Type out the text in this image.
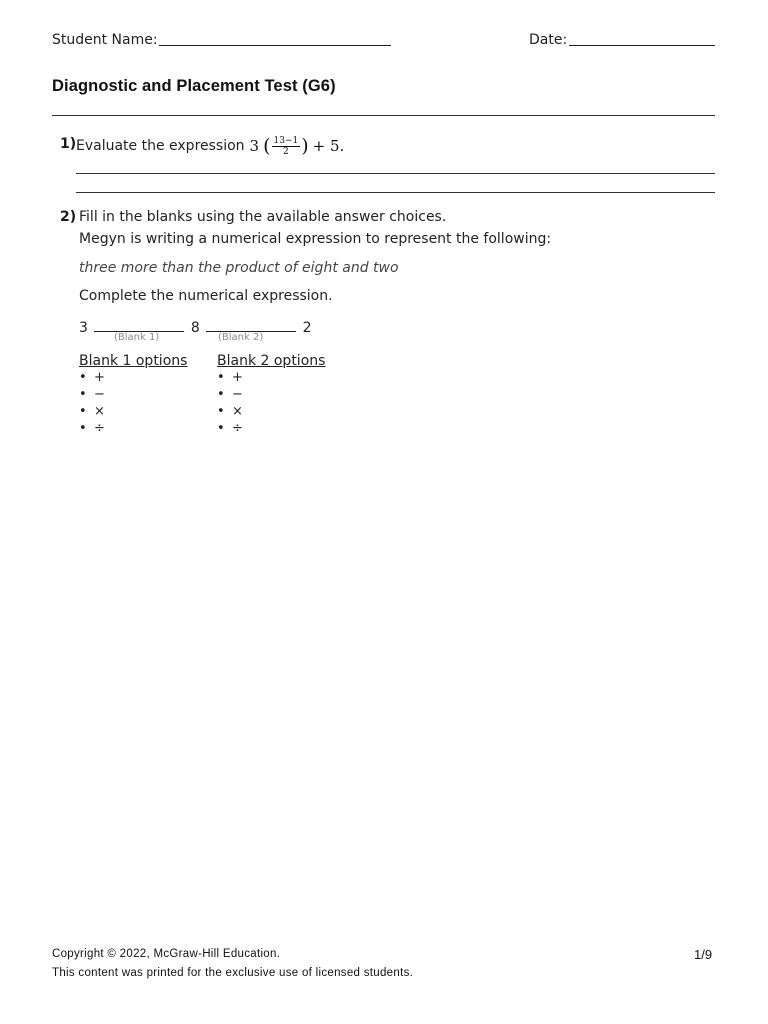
Student Name:	Date:
Diagnostic and Placement Test (G6)
1) Evaluate the expression 3 ( $\frac{13-1}{2}$ ) + 5.
2) Fill in the blanks using the available answer choices.
Megyn is writing a numerical expression to represent the following:
three more than the product of eight and two
Complete the numerical expression.
3	8	2
(Blank 1)	(Blank 2)
Blank 1 options
• +
• −
• ×
• ÷
Blank 2 options
• +
• −
• ×
• ÷
Copyright © 2022, McGraw-Hill Education.
This content was printed for the exclusive use of licensed students.
1/9
